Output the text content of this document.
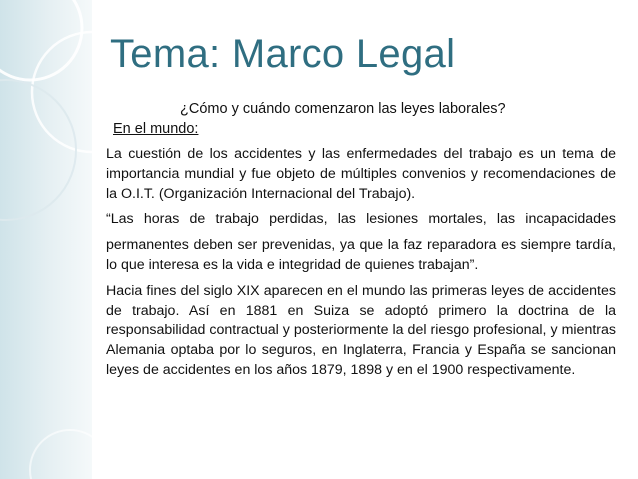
Tema: Marco Legal
¿Cómo y cuándo comenzaron las leyes laborales?
En el mundo:

La cuestión de los accidentes y las enfermedades del trabajo es un tema de importancia mundial y fue objeto de múltiples convenios y recomendaciones de la O.I.T. (Organización Internacional del Trabajo).

“Las horas de trabajo perdidas, las lesiones mortales, las incapacidades

permanentes deben ser prevenidas, ya que la faz reparadora es siempre tardía, lo que interesa es la vida e integridad de quienes trabajan”.

Hacia fines del siglo XIX aparecen en el mundo las primeras leyes de accidentes de trabajo. Así en 1881 en Suiza se adoptó primero la doctrina de la responsabilidad contractual y posteriormente la del riesgo profesional, y mientras Alemania optaba por lo seguros, en Inglaterra, Francia y España se sancionan leyes de accidentes en los años 1879, 1898 y en el 1900 respectivamente.
